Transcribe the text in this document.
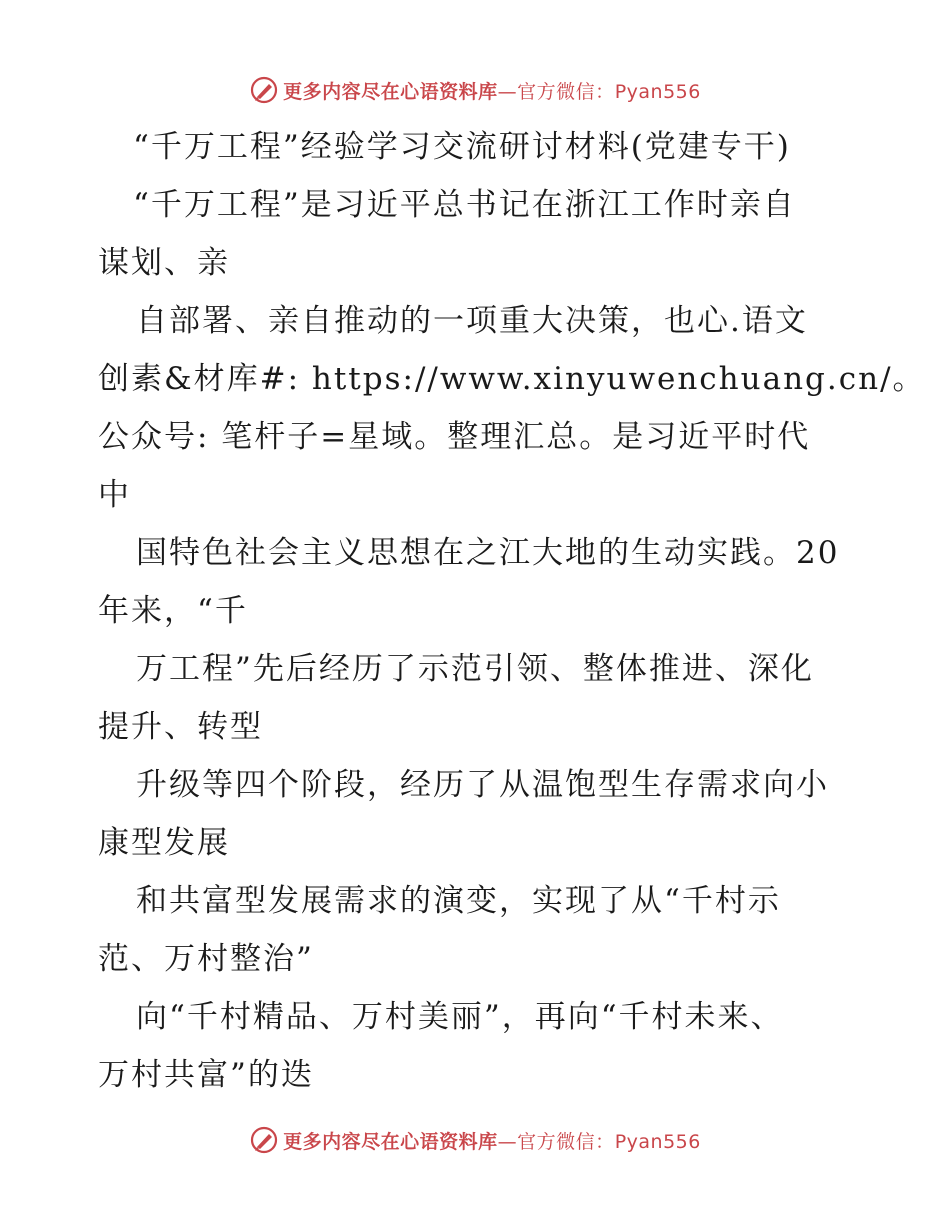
更多内容尽在心语资料库—官方微信：Pyan556
“千万工程”经验学习交流研讨材料(党建专干)
“千万工程”是习近平总书记在浙江工作时亲自
谋划、亲
自部署、亲自推动的一项重大决策，也心.语文
创素&材库#: https://www.xinyuwenchuang.cn/。
公众号: 笔杆子=星域。整理汇总。是习近平时代
中
国特色社会主义思想在之江大地的生动实践。20
年来，“千
万工程”先后经历了示范引领、整体推进、深化
提升、转型
升级等四个阶段，经历了从温饱型生存需求向小
康型发展
和共富型发展需求的演变，实现了从“千村示
范、万村整治”
向“千村精品、万村美丽”，再向“千村未来、
万村共富”的迭
更多内容尽在心语资料库—官方微信：Pyan556
